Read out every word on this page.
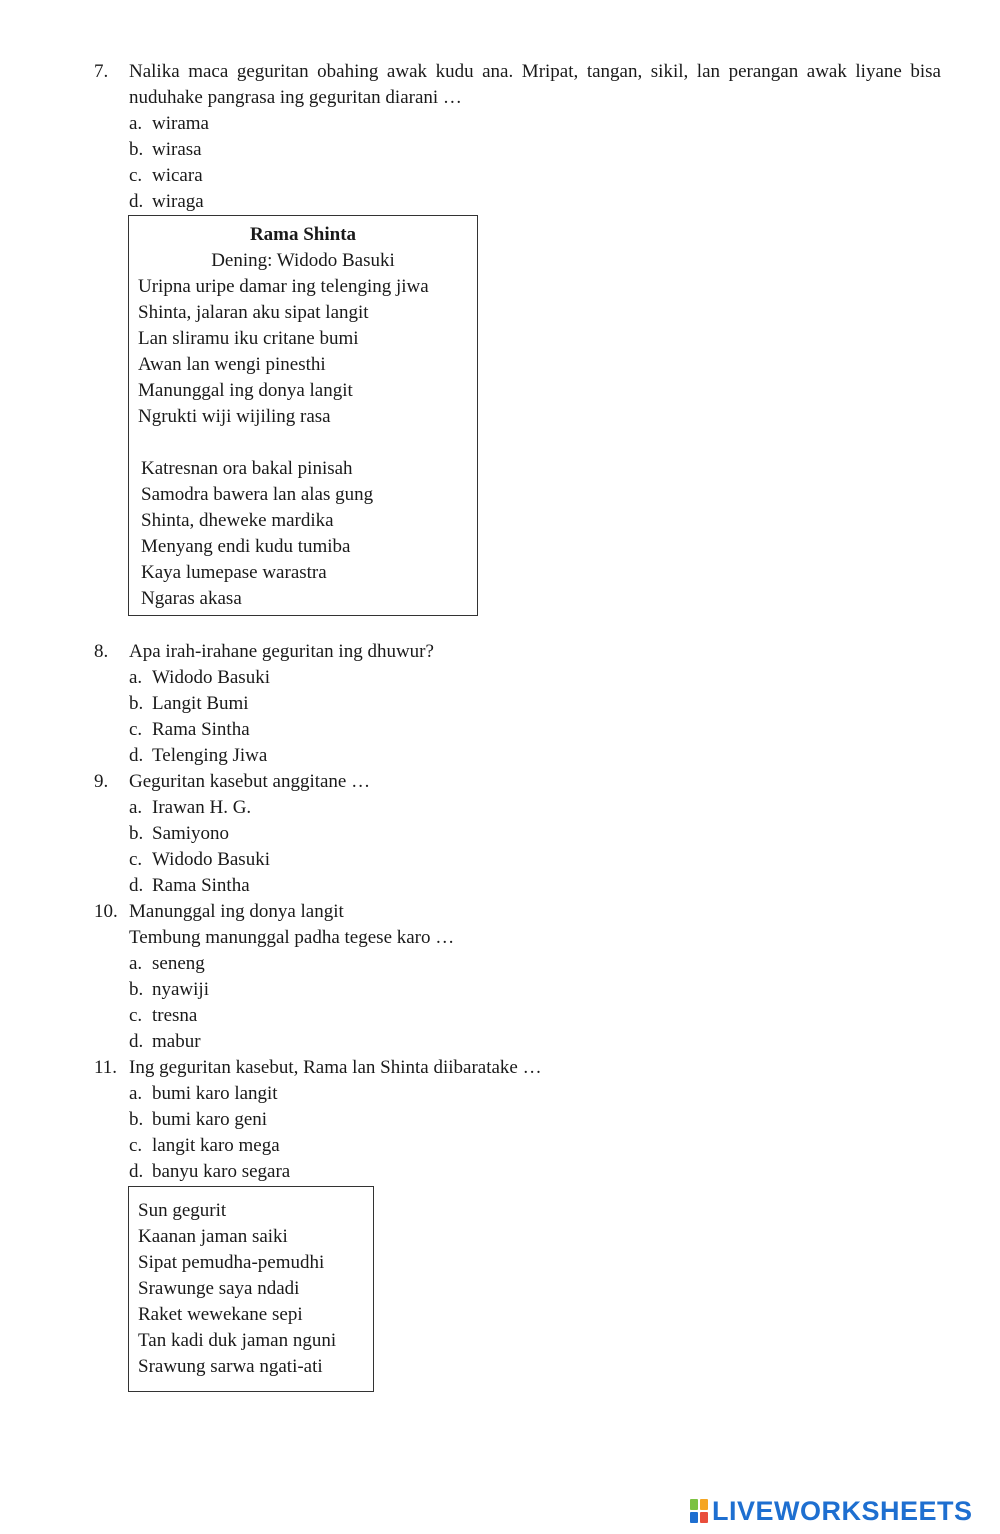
7. Nalika maca geguritan obahing awak kudu ana. Mripat, tangan, sikil, lan perangan awak liyane bisa nuduhake pangrasa ing geguritan diarani …
a. wirama
b. wirasa
c. wicara
d. wiraga
Rama Shinta
Dening: Widodo Basuki
Uripna uripe damar ing telenging jiwa
Shinta, jalaran aku sipat langit
Lan sliramu iku critane bumi
Awan lan wengi pinesthi
Manunggal ing donya langit
Ngrukti wiji wijiling rasa
Katresnan ora bakal pinisah
Samodra bawera lan alas gung
Shinta, dheweke mardika
Menyang endi kudu tumiba
Kaya lumepase warastra
Ngaras akasa
8. Apa irah-irahane geguritan ing dhuwur?
a. Widodo Basuki
b. Langit Bumi
c. Rama Sintha
d. Telenging Jiwa
9. Geguritan kasebut anggitane …
a. Irawan H. G.
b. Samiyono
c. Widodo Basuki
d. Rama Sintha
10. Manunggal ing donya langit
Tembung manunggal padha tegese karo …
a. seneng
b. nyawiji
c. tresna
d. mabur
11. Ing geguritan kasebut, Rama lan Shinta diibaratake …
a. bumi karo langit
b. bumi karo geni
c. langit karo mega
d. banyu karo segara
Sun gegurit
Kaanan jaman saiki
Sipat pemudha-pemudhi
Srawunge saya ndadi
Raket wewekane sepi
Tan kadi duk jaman nguni
Srawung sarwa ngati-ati
LIVEWORKSHEETS
